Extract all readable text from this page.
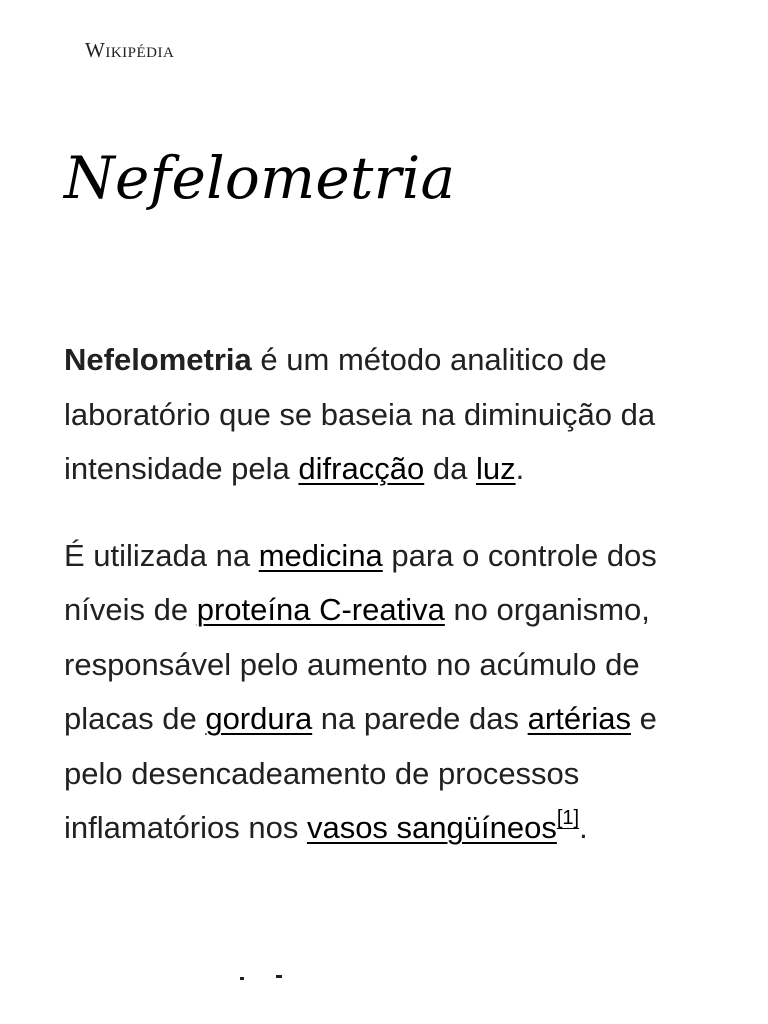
Wikipédia
Nefelometria

Nefelometria é um método analitico de laboratório que se baseia na diminuição da intensidade pela difracção da luz.

É utilizada na medicina para o controle dos níveis de proteína C-reativa no organismo, responsável pelo aumento no acúmulo de placas de gordura na parede das artérias e pelo desencadeamento de processos inflamatórios nos vasos sangüíneos[1].
